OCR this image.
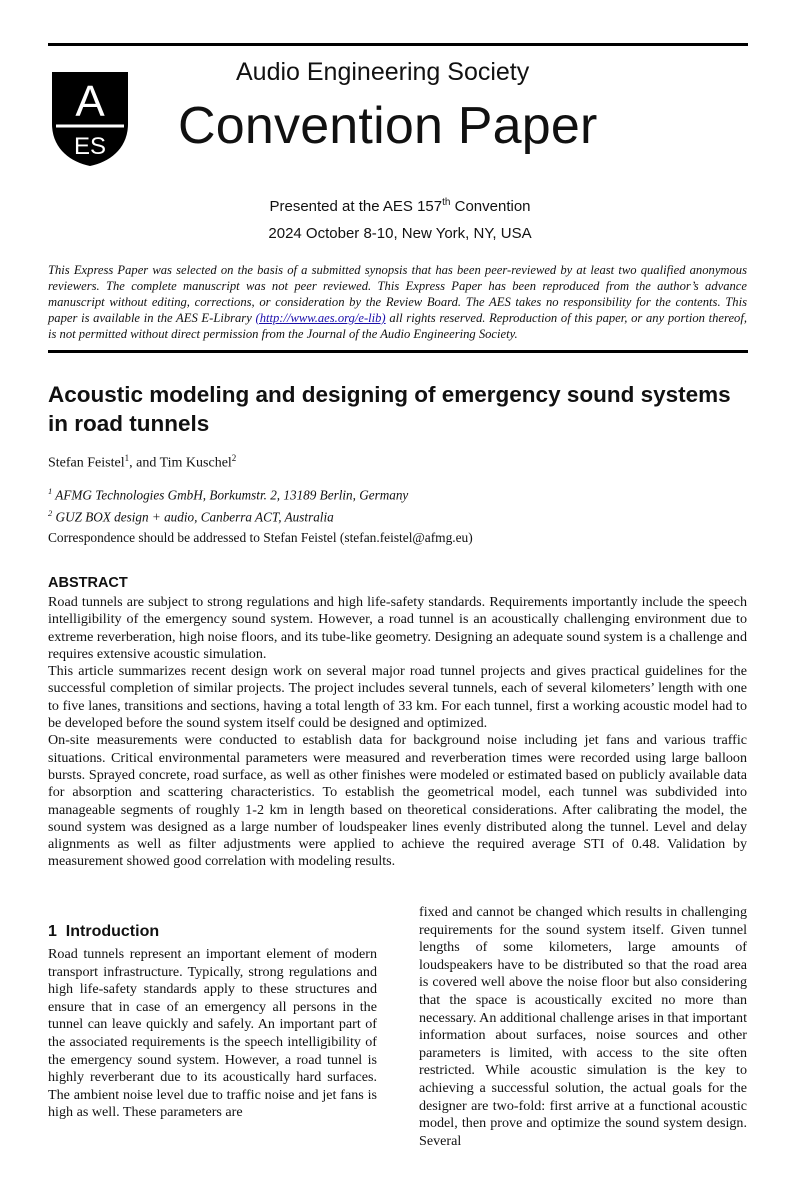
A
ES
Audio Engineering Society
Convention Paper
Presented at the AES 157th Convention
2024 October 8-10, New York, NY, USA
This Express Paper was selected on the basis of a submitted synopsis that has been peer-reviewed by at least two qualified anonymous reviewers. The complete manuscript was not peer reviewed. This Express Paper has been reproduced from the author’s advance manuscript without editing, corrections, or consideration by the Review Board. The AES takes no responsibility for the contents. This paper is available in the AES E-Library (http://www.aes.org/e-lib) all rights reserved. Reproduction of this paper, or any portion thereof, is not permitted without direct permission from the Journal of the Audio Engineering Society.
Acoustic modeling and designing of emergency sound systems in road tunnels
Stefan Feistel$^1$, and Tim Kuschel$^2$
$^1$ AFMG Technologies GmbH, Borkumstr. 2, 13189 Berlin, Germany
$^2$ GUZ BOX design + audio, Canberra ACT, Australia
Correspondence should be addressed to Stefan Feistel (stefan.feistel@afmg.eu)
ABSTRACT

Road tunnels are subject to strong regulations and high life-safety standards. Requirements importantly include the speech intelligibility of the emergency sound system. However, a road tunnel is an acoustically challenging environment due to extreme reverberation, high noise floors, and its tube-like geometry. Designing an adequate sound system is a challenge and requires extensive acoustic simulation.

This article summarizes recent design work on several major road tunnel projects and gives practical guidelines for the successful completion of similar projects. The project includes several tunnels, each of several kilometers’ length with one to five lanes, transitions and sections, having a total length of 33 km. For each tunnel, first a working acoustic model had to be developed before the sound system itself could be designed and optimized.

On-site measurements were conducted to establish data for background noise including jet fans and various traffic situations. Critical environmental parameters were measured and reverberation times were recorded using large balloon bursts. Sprayed concrete, road surface, as well as other finishes were modeled or estimated based on publicly available data for absorption and scattering characteristics. To establish the geometrical model, each tunnel was subdivided into manageable segments of roughly 1-2 km in length based on theoretical considerations. After calibrating the model, the sound system was designed as a large number of loudspeaker lines evenly distributed along the tunnel. Level and delay alignments as well as filter adjustments were applied to achieve the required average STI of 0.48. Validation by measurement showed good correlation with modeling results.

1 Introduction

Road tunnels represent an important element of modern transport infrastructure. Typically, strong regulations and high life-safety standards apply to these structures and ensure that in case of an emergency all persons in the tunnel can leave quickly and safely. An important part of the associated requirements is the speech intelligibility of the emergency sound system. However, a road tunnel is highly reverberant due to its acoustically hard surfaces. The ambient noise level due to traffic noise and jet fans is high as well. These parameters are

fixed and cannot be changed which results in challenging requirements for the sound system itself. Given tunnel lengths of some kilometers, large amounts of loudspeakers have to be distributed so that the road area is covered well above the noise floor but also considering that the space is acoustically excited no more than necessary. An additional challenge arises in that important information about surfaces, noise sources and other parameters is limited, with access to the site often restricted. While acoustic simulation is the key to achieving a successful solution, the actual goals for the designer are two-fold: first arrive at a functional acoustic model, then prove and optimize the sound system design. Several
